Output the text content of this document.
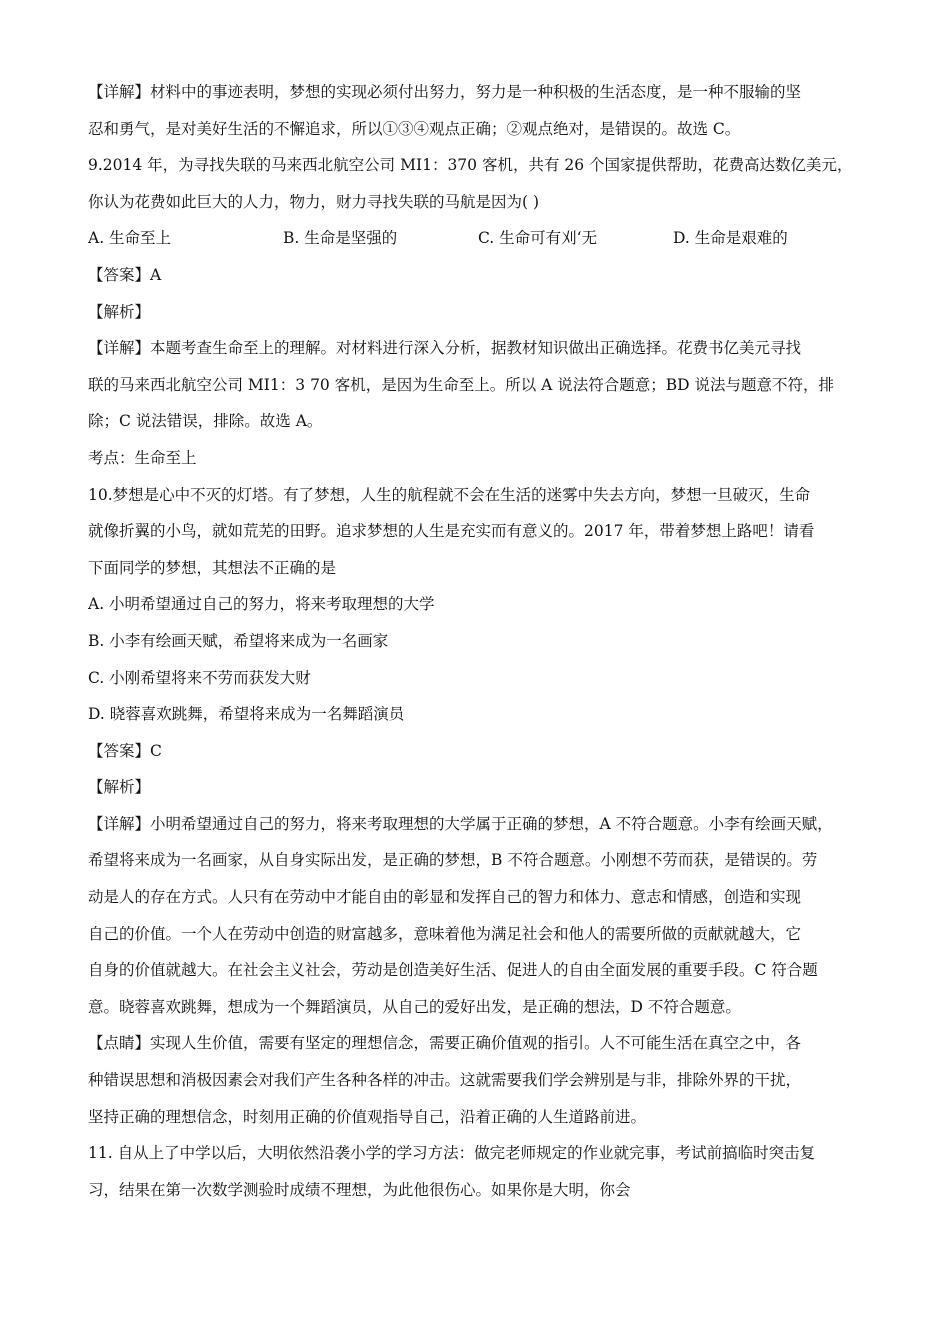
【详解】材料中的事迹表明，梦想的实现必须付出努力，努力是一种积极的生活态度，是一种不服输的坚
忍和勇气，是对美好生活的不懈追求，所以①③④观点正确；②观点绝对，是错误的。故选 C。
9.2014 年，为寻找失联的马来西北航空公司 MI1：370 客机，共有 26 个国家提供帮助，花费高达数亿美元，
你认为花费如此巨大的人力，物力，财力寻找失联的马航是因为( )
A. 生命至上	B. 生命是坚强的	C. 生命可有刈‘无	D. 生命是艰难的
【答案】A
【解析】
【详解】本题考查生命至上的理解。对材料进行深入分析，据教材知识做出正确选择。花费书亿美元寻找
联的马来西北航空公司 MI1：3 70 客机，是因为生命至上。所以 A 说法符合题意；BD 说法与题意不符，排
除；C 说法错误，排除。故选 A。
考点：生命至上
10.梦想是心中不灭的灯塔。有了梦想，人生的航程就不会在生活的迷雾中失去方向，梦想一旦破灭，生命
就像折翼的小鸟，就如荒芜的田野。追求梦想的人生是充实而有意义的。2017 年，带着梦想上路吧！请看
下面同学的梦想，其想法不正确的是
A. 小明希望通过自己的努力，将来考取理想的大学
B. 小李有绘画天赋，希望将来成为一名画家
C. 小刚希望将来不劳而获发大财
D. 晓蓉喜欢跳舞，希望将来成为一名舞蹈演员
【答案】C
【解析】
【详解】小明希望通过自己的努力，将来考取理想的大学属于正确的梦想，A 不符合题意。小李有绘画天赋，
希望将来成为一名画家，从自身实际出发，是正确的梦想，B 不符合题意。小刚想不劳而获，是错误的。劳
动是人的存在方式。人只有在劳动中才能自由的彰显和发挥自己的智力和体力、意志和情感，创造和实现
自己的价值。一个人在劳动中创造的财富越多，意味着他为满足社会和他人的需要所做的贡献就越大，它
自身的价值就越大。在社会主义社会，劳动是创造美好生活、促进人的自由全面发展的重要手段。C 符合题
意。晓蓉喜欢跳舞，想成为一个舞蹈演员，从自己的爱好出发，是正确的想法，D 不符合题意。
【点睛】实现人生价值，需要有坚定的理想信念，需要正确价值观的指引。人不可能生活在真空之中，各
种错误思想和消极因素会对我们产生各种各样的冲击。这就需要我们学会辨别是与非，排除外界的干扰，
坚持正确的理想信念，时刻用正确的价值观指导自己，沿着正确的人生道路前进。
11. 自从上了中学以后，大明依然沿袭小学的学习方法：做完老师规定的作业就完事，考试前搞临时突击复
习，结果在第一次数学测验时成绩不理想，为此他很伤心。如果你是大明，你会
